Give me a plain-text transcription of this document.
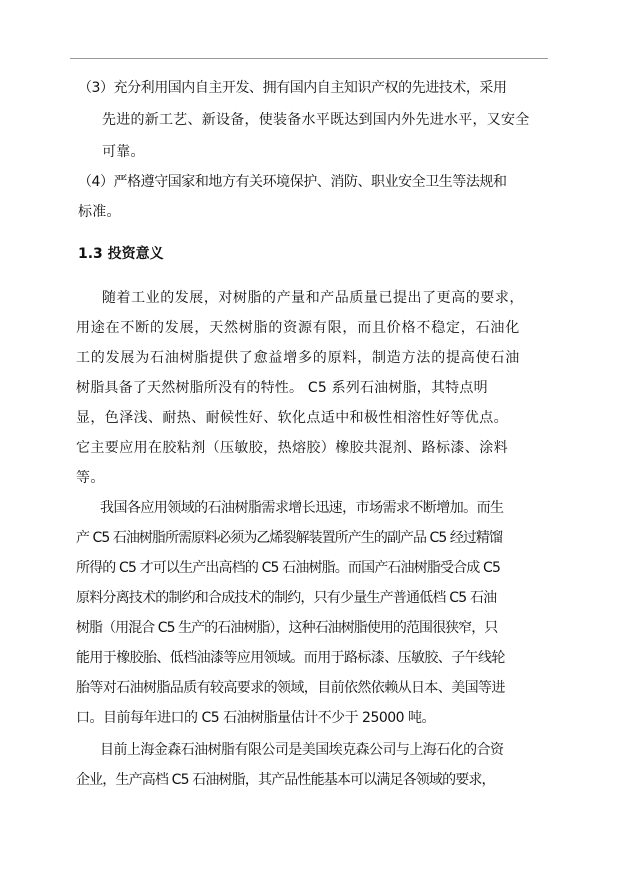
（3）充分利用国内自主开发、拥有国内自主知识产权的先进技术，采用
先进的新工艺、新设备，使装备水平既达到国内外先进水平，又安全
可靠。
（4）严格遵守国家和地方有关环境保护、消防、职业安全卫生等法规和
标准。
1.3 投资意义
随着工业的发展，对树脂的产量和产品质量已提出了更高的要求，
用途在不断的发展，天然树脂的资源有限，而且价格不稳定，石油化
工的发展为石油树脂提供了愈益增多的原料，制造方法的提高使石油
树脂具备了天然树脂所没有的特性。 C5 系列石油树脂，其特点明
显，色泽浅、耐热、耐候性好、软化点适中和极性相溶性好等优点。
它主要应用在胶粘剂（压敏胶，热熔胶）橡胶共混剂、路标漆、涂料
等。
我国各应用领域的石油树脂需求增长迅速，市场需求不断增加。而生
产 C5 石油树脂所需原料必须为乙烯裂解装置所产生的副产品 C5 经过精馏
所得的 C5 才可以生产出高档的 C5 石油树脂。而国产石油树脂受合成 C5
原料分离技术的制约和合成技术的制约，只有少量生产普通低档 C5 石油
树脂（用混合 C5 生产的石油树脂），这种石油树脂使用的范围很狭窄，只
能用于橡胶胎、低档油漆等应用领域。而用于路标漆、压敏胶、子午线轮
胎等对石油树脂品质有较高要求的领域，目前依然依赖从日本、美国等进
口。目前每年进口的 C5 石油树脂量估计不少于 25000 吨。
目前上海金森石油树脂有限公司是美国埃克森公司与上海石化的合资
企业，生产高档 C5 石油树脂，其产品性能基本可以满足各领域的要求，
